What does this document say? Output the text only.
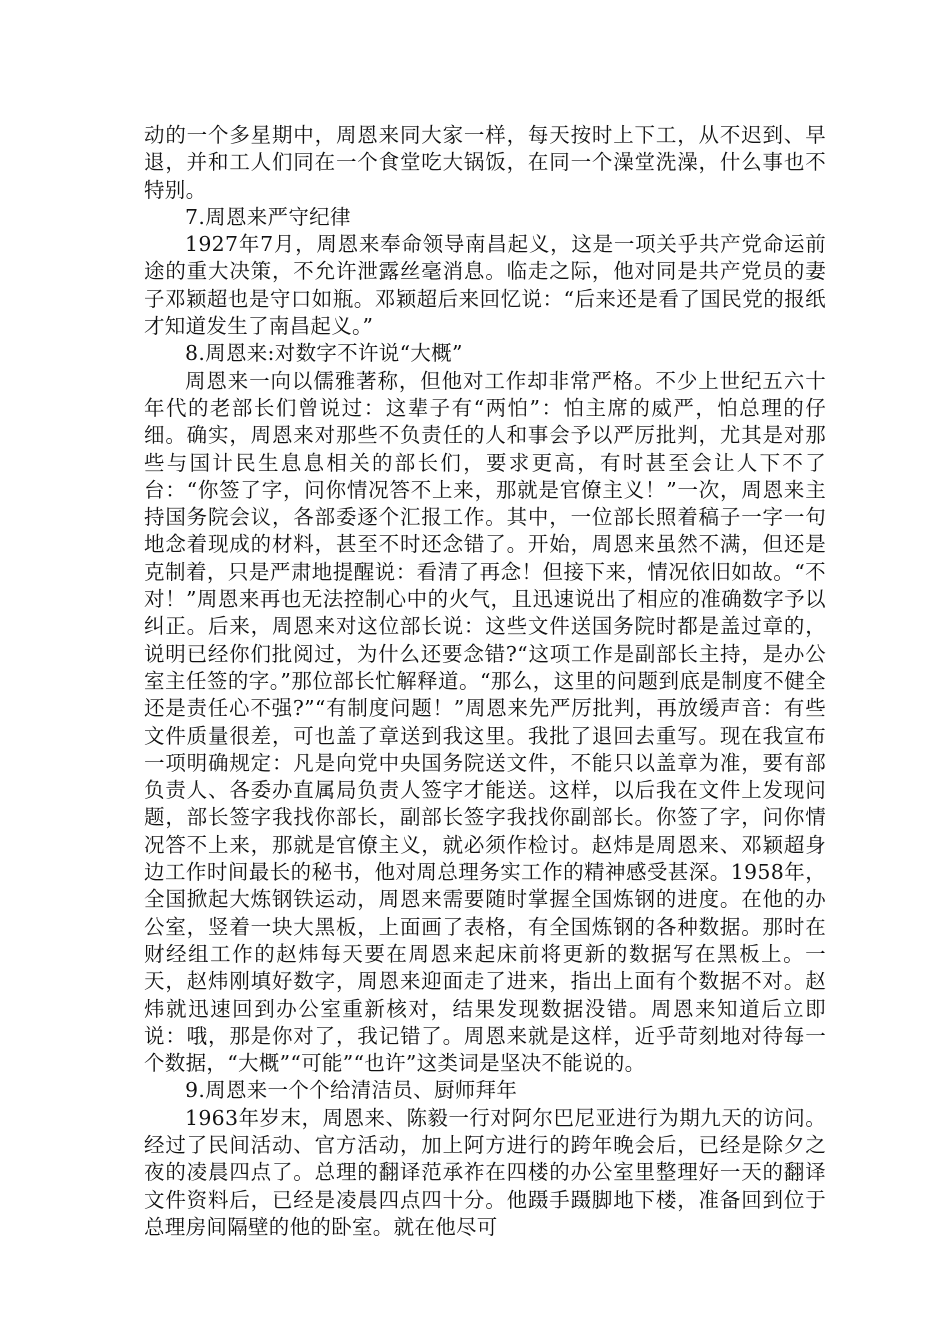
动的一个多星期中，周恩来同大家一样，每天按时上下工，从不迟到、早退，并和工人们同在一个食堂吃大锅饭，在同一个澡堂洗澡，什么事也不特别。

7.周恩来严守纪律

1927年7月，周恩来奉命领导南昌起义，这是一项关乎共产党命运前途的重大决策，不允许泄露丝毫消息。临走之际，他对同是共产党员的妻子邓颖超也是守口如瓶。邓颖超后来回忆说：“后来还是看了国民党的报纸才知道发生了南昌起义。”

8.周恩来:对数字不许说“大概”

周恩来一向以儒雅著称，但他对工作却非常严格。不少上世纪五六十年代的老部长们曾说过：这辈子有“两怕”：怕主席的威严，怕总理的仔细。确实，周恩来对那些不负责任的人和事会予以严厉批判，尤其是对那些与国计民生息息相关的部长们，要求更高，有时甚至会让人下不了台：“你签了字，问你情况答不上来，那就是官僚主义！”一次，周恩来主持国务院会议，各部委逐个汇报工作。其中，一位部长照着稿子一字一句地念着现成的材料，甚至不时还念错了。开始，周恩来虽然不满，但还是克制着，只是严肃地提醒说：看清了再念！但接下来，情况依旧如故。“不对！”周恩来再也无法控制心中的火气，且迅速说出了相应的准确数字予以纠正。后来，周恩来对这位部长说：这些文件送国务院时都是盖过章的，说明已经你们批阅过，为什么还要念错?“这项工作是副部长主持，是办公室主任签的字。”那位部长忙解释道。“那么，这里的问题到底是制度不健全还是责任心不强?”“有制度问题！”周恩来先严厉批判，再放缓声音：有些文件质量很差，可也盖了章送到我这里。我批了退回去重写。现在我宣布一项明确规定：凡是向党中央国务院送文件，不能只以盖章为准，要有部负责人、各委办直属局负责人签字才能送。这样，以后我在文件上发现问题，部长签字我找你部长，副部长签字我找你副部长。你签了字，问你情况答不上来，那就是官僚主义，就必须作检讨。赵炜是周恩来、邓颖超身边工作时间最长的秘书，他对周总理务实工作的精神感受甚深。1958年，全国掀起大炼钢铁运动，周恩来需要随时掌握全国炼钢的进度。在他的办公室，竖着一块大黑板，上面画了表格，有全国炼钢的各种数据。那时在财经组工作的赵炜每天要在周恩来起床前将更新的数据写在黑板上。一天，赵炜刚填好数字，周恩来迎面走了进来，指出上面有个数据不对。赵炜就迅速回到办公室重新核对，结果发现数据没错。周恩来知道后立即说：哦，那是你对了，我记错了。周恩来就是这样，近乎苛刻地对待每一个数据，“大概”“可能”“也许”这类词是坚决不能说的。

9.周恩来一个个给清洁员、厨师拜年

1963年岁末，周恩来、陈毅一行对阿尔巴尼亚进行为期九天的访问。经过了民间活动、官方活动，加上阿方进行的跨年晚会后，已经是除夕之夜的凌晨四点了。总理的翻译范承祚在四楼的办公室里整理好一天的翻译文件资料后，已经是凌晨四点四十分。他蹑手蹑脚地下楼，准备回到位于总理房间隔壁的他的卧室。就在他尽可
